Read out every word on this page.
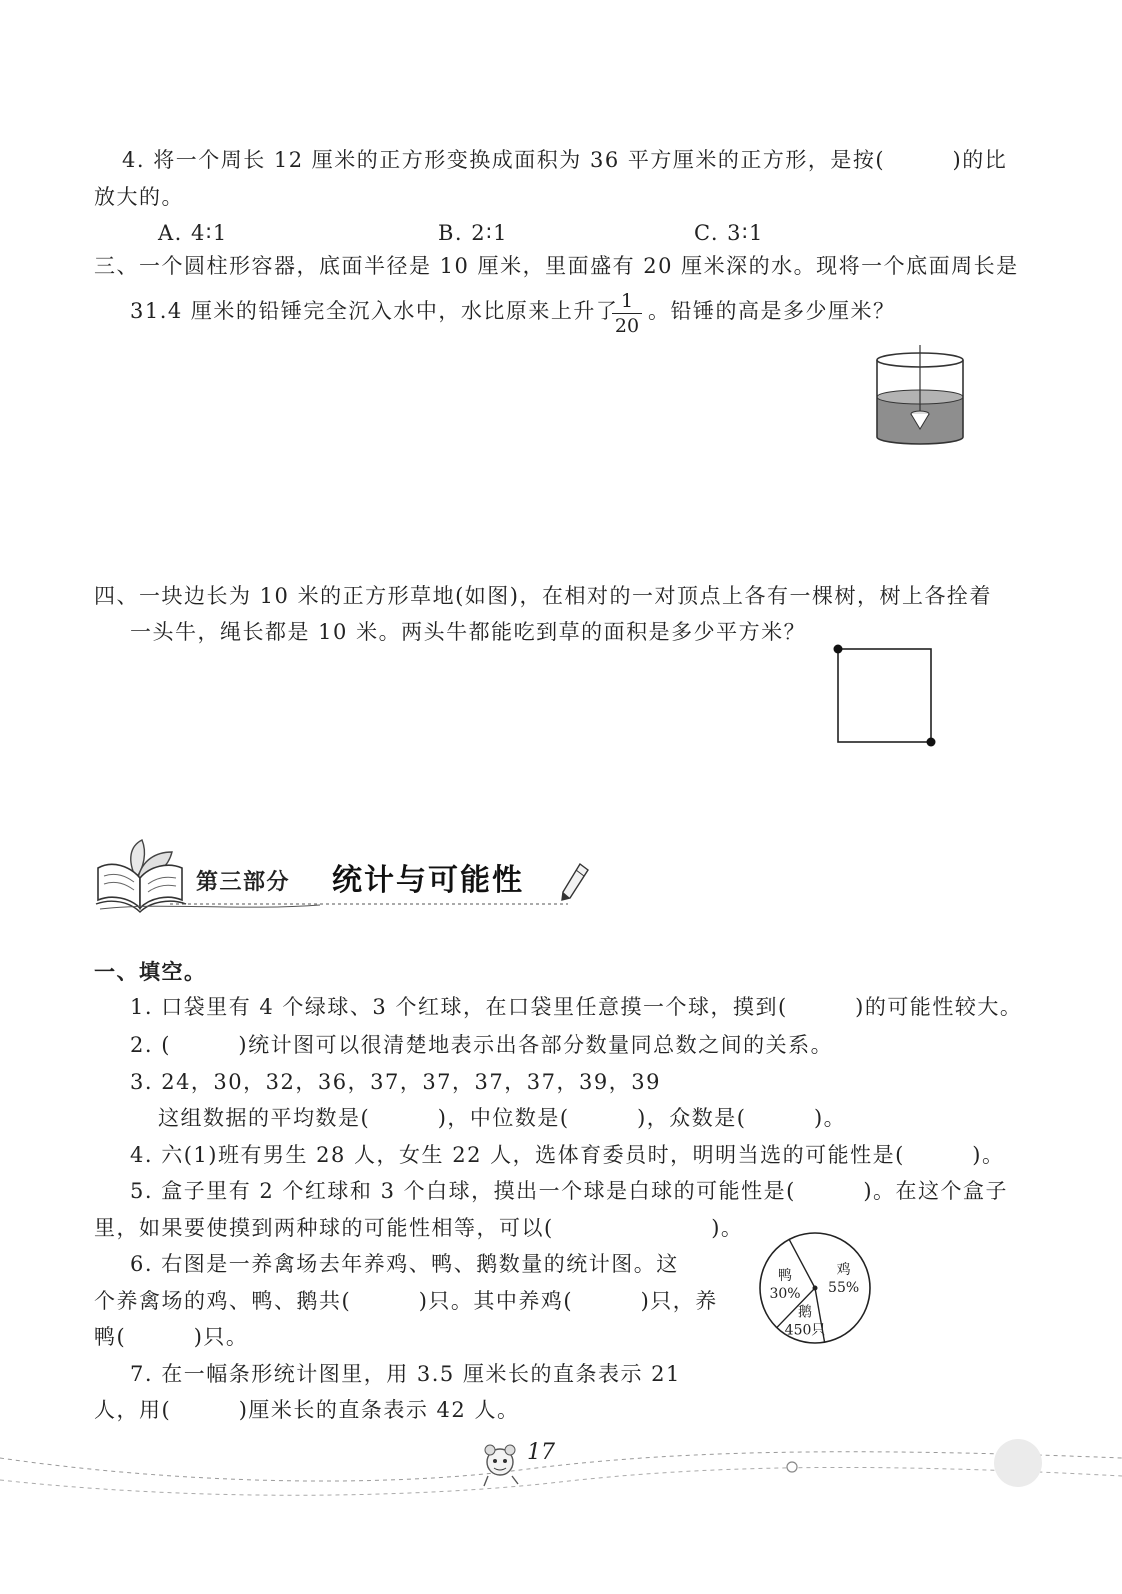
4. 将一个周长 12 厘米的正方形变换成面积为 36 平方厘米的正方形，是按(　　　)的比
放大的。
A. 4∶1	B. 2∶1	C. 3∶1
三、一个圆柱形容器，底面半径是 10 厘米，里面盛有 20 厘米深的水。现将一个底面周长是
31.4 厘米的铅锤完全沉入水中，水比原来上升了 1
20
。铅锤的高是多少厘米？
四、一块边长为 10 米的正方形草地(如图)，在相对的一对顶点上各有一棵树，树上各拴着
一头牛，绳长都是 10 米。两头牛都能吃到草的面积是多少平方米？
第三部分 统计与可能性
一、填空。
1. 口袋里有 4 个绿球、3 个红球，在口袋里任意摸一个球，摸到(　　　)的可能性较大。
2. (　　　)统计图可以很清楚地表示出各部分数量同总数之间的关系。
3. 24，30，32，36，37，37，37，37，39，39
这组数据的平均数是(　　　)，中位数是(　　　)，众数是(　　　)。
4. 六(1)班有男生 28 人，女生 22 人，选体育委员时，明明当选的可能性是(　　　)。
5. 盒子里有 2 个红球和 3 个白球，摸出一个球是白球的可能性是(　　　)。在这个盒子
里，如果要使摸到两种球的可能性相等，可以(　　　　　　　)。
6. 右图是一养禽场去年养鸡、鸭、鹅数量的统计图。这
个养禽场的鸡、鸭、鹅共(　　　)只。其中养鸡(　　　)只，养
鸭(　　　)只。
7. 在一幅条形统计图里，用 3.5 厘米长的直条表示 21
人，用(　　　)厘米长的直条表示 42 人。
鸡
55%
鹅
450只
鸭
30%
17
